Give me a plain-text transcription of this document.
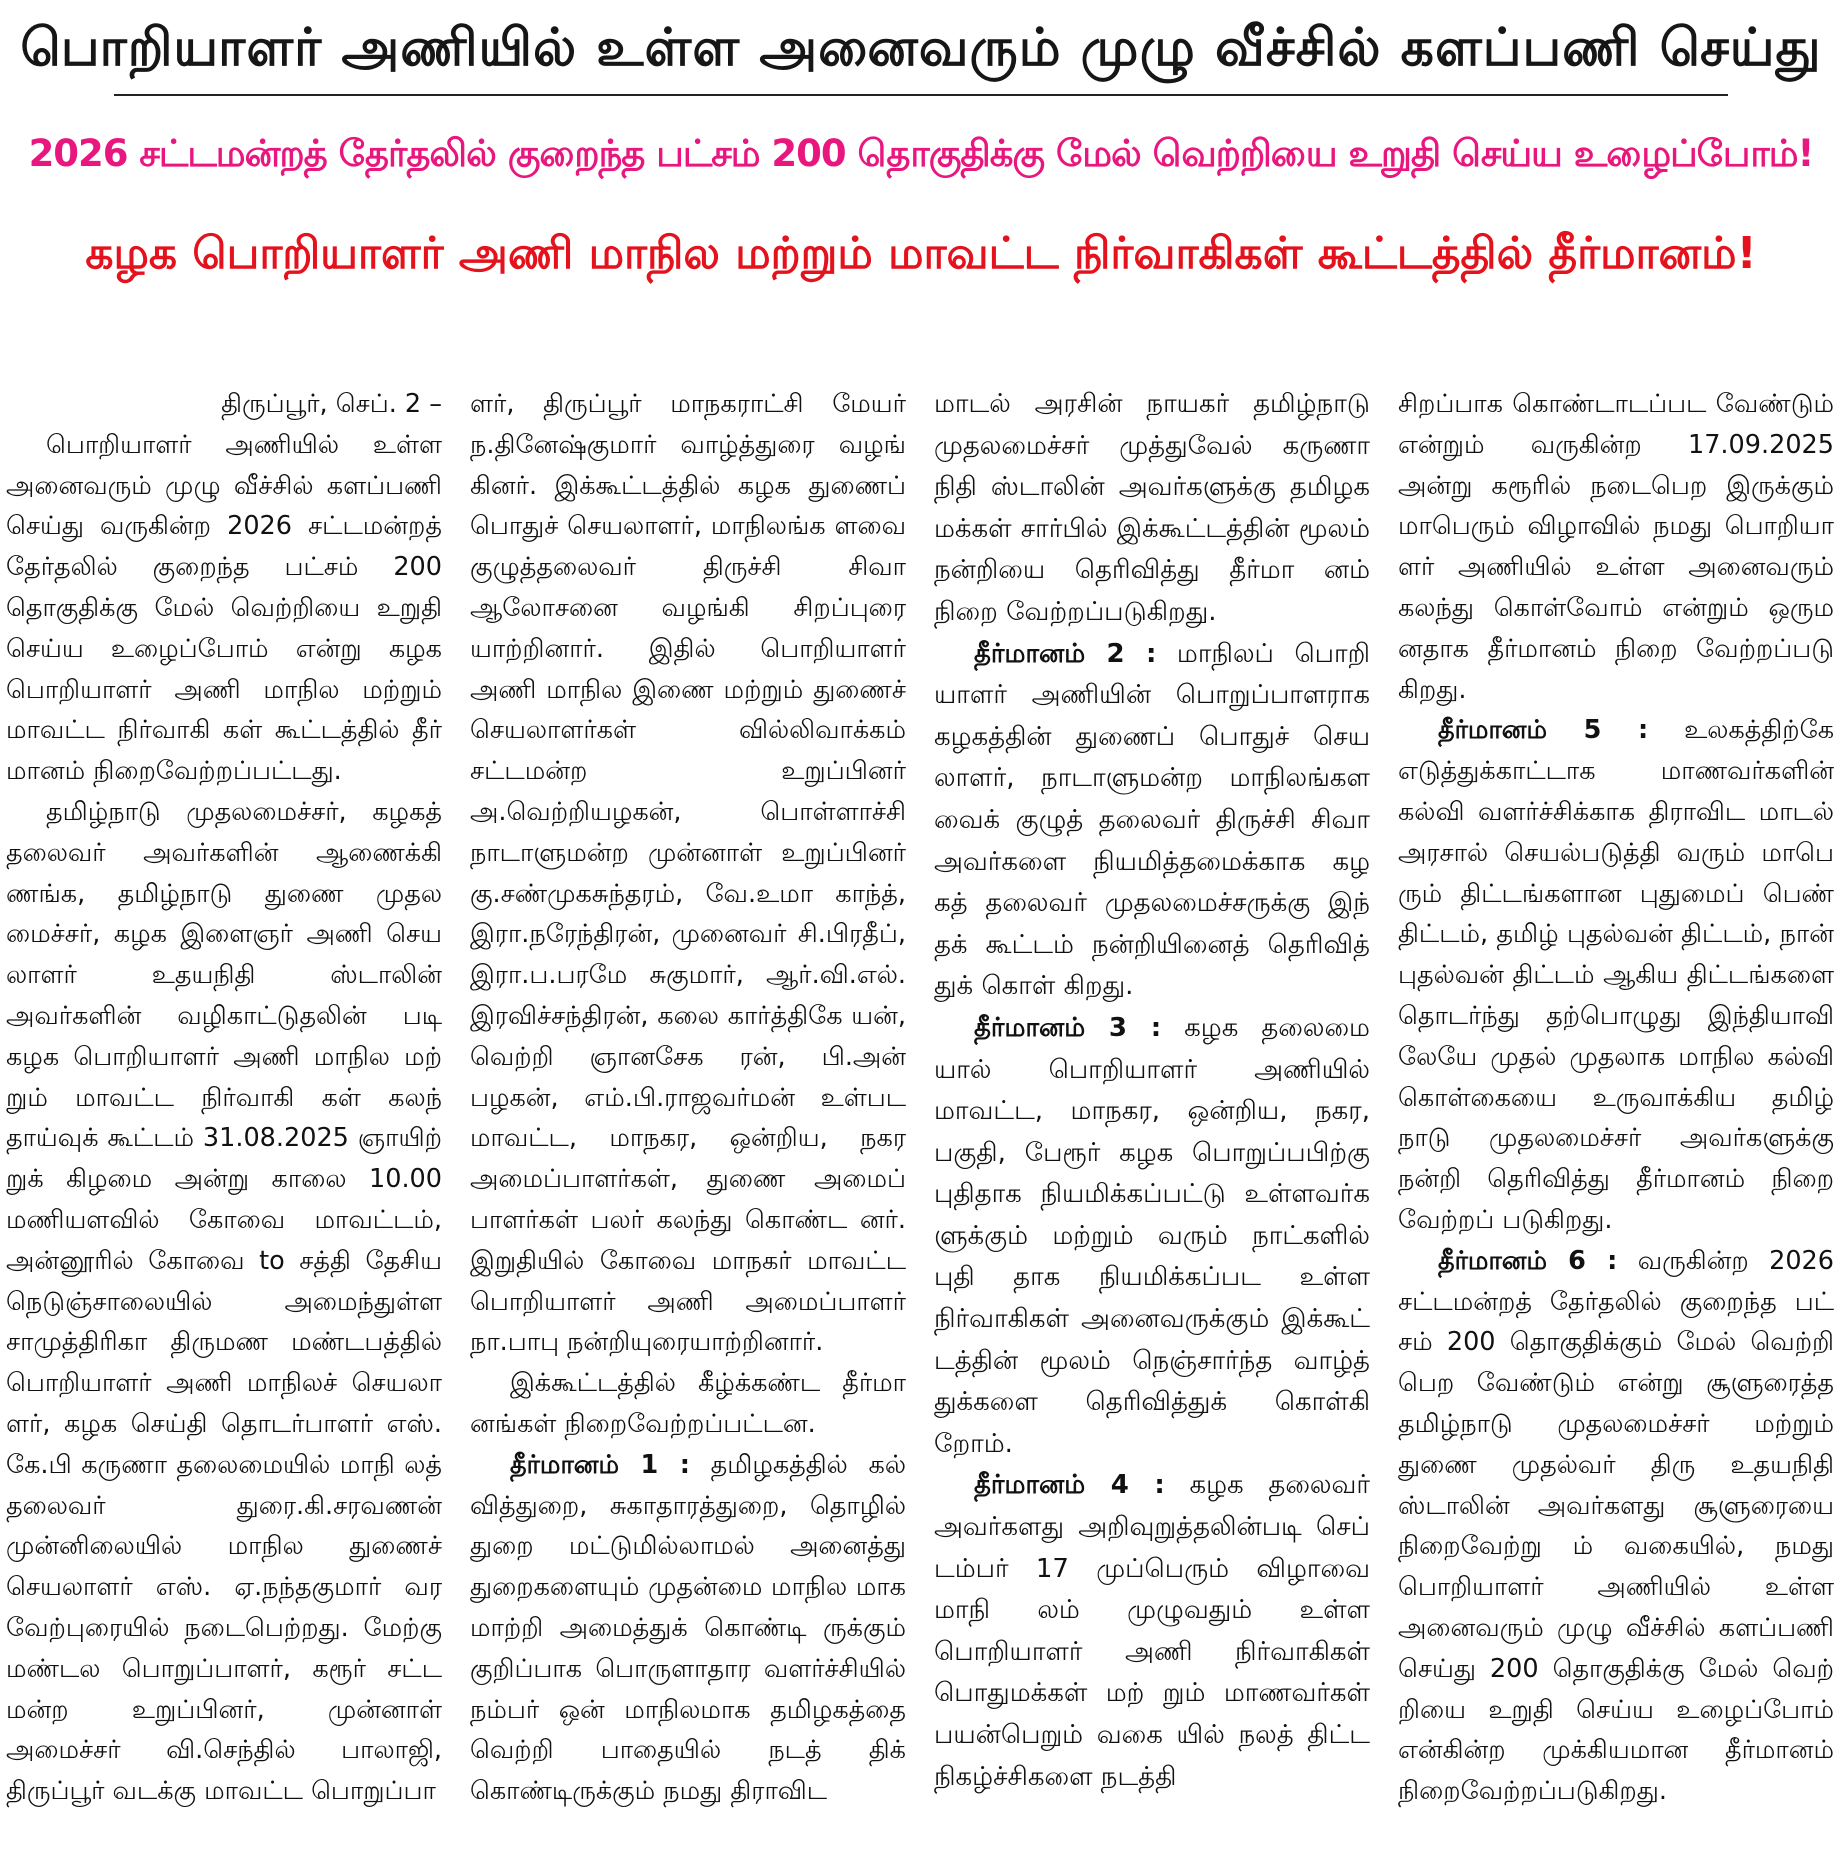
பொறியாளர் அணியில் உள்ள அனைவரும் முழு வீச்சில் களப்பணி செய்து
2026 சட்டமன்றத் தேர்தலில் குறைந்த பட்சம் 200 தொகுதிக்கு மேல் வெற்றியை உறுதி செய்ய உழைப்போம்!
கழக பொறியாளர் அணி மாநில மற்றும் மாவட்ட நிர்வாகிகள் கூட்டத்தில் தீர்மானம்!
திருப்பூர், செப். 2 –

பொறியாளர் அணியில் உள்ள அனைவரும் முழு வீச்சில் களப்பணி செய்து வருகின்ற 2026 சட்டமன்றத் தேர்தலில் குறைந்த பட்சம் 200 தொகுதிக்கு மேல் வெற்றியை உறுதி செய்ய உழைப்போம் என்று கழக பொறியாளர் அணி மாநில மற்றும் மாவட்ட நிர்வாகி கள் கூட்டத்தில் தீர் மானம் நிறைவேற்றப்பட்டது.

தமிழ்நாடு முதலமைச்சர், கழகத் தலைவர் அவர்களின் ஆணைக்கி ணங்க, தமிழ்நாடு துணை முதல மைச்சர், கழக இளைஞர் அணி செய லாளர் உதயநிதி ஸ்டாலின் அவர்களின் வழிகாட்டுதலின் படி கழக பொறியாளர் அணி மாநில மற் றும் மாவட்ட நிர்வாகி கள் கலந் தாய்வுக் கூட்டம் 31.08.2025 ஞாயிற் றுக் கிழமை அன்று காலை 10.00 மணியளவில் கோவை மாவட்டம், அன்னூரில் கோவை to சத்தி தேசிய நெடுஞ்சாலையில் அமைந்துள்ள சாமுத்திரிகா திருமண மண்டபத்தில் பொறியாளர் அணி மாநிலச் செயலா ளர், கழக செய்தி தொடர்பாளர் எஸ். கே.பி கருணா தலைமையில் மாநி லத் தலைவர் துரை.கி.சரவணன் முன்னிலையில் மாநில துணைச் செயலாளர் எஸ். ஏ.நந்தகுமார் வர வேற்புரையில் நடைபெற்றது. மேற்கு மண்டல பொறுப்பாளர், கரூர் சட்ட மன்ற உறுப்பினர், முன்னாள் அமைச்சர் வி.செந்தில் பாலாஜி, திருப்பூர் வடக்கு மாவட்ட பொறுப்பா

ளர், திருப்பூர் மாநகராட்சி மேயர் ந.தினேஷ்குமார் வாழ்த்துரை வழங் கினர். இக்கூட்டத்தில் கழக துணைப் பொதுச் செயலாளர், மாநிலங்க ளவை குழுத்தலைவர் திருச்சி சிவா ஆலோசனை வழங்கி சிறப்புரை யாற்றினார். இதில் பொறியாளர் அணி மாநில இணை மற்றும் துணைச் செயலாளர்கள் வில்லிவாக்கம் சட்டமன்ற உறுப்பினர் அ.வெற்றியழகன், பொள்ளாச்சி நாடாளுமன்ற முன்னாள் உறுப்பினர் கு.சண்முகசுந்தரம், வே.உமா காந்த், இரா.நரேந்திரன், முனைவர் சி.பிரதீப், இரா.ப.பரமே சுகுமார், ஆர்.வி.எல். இரவிச்சந்திரன், கலை கார்த்திகே யன், வெற்றி ஞானசேக ரன், பி.அன் பழகன், எம்.பி.ராஜவர்மன் உள்பட மாவட்ட, மாநகர, ஒன்றிய, நகர அமைப்பாளர்கள், துணை அமைப் பாளர்கள் பலர் கலந்து கொண்ட னர். இறுதியில் கோவை மாநகர் மாவட்ட பொறியாளர் அணி அமைப்பாளர் நா.பாபு நன்றியுரையாற்றினார்.

இக்கூட்டத்தில் கீழ்க்கண்ட தீர்மா னங்கள் நிறைவேற்றப்பட்டன.

தீர்மானம் 1 : தமிழகத்தில் கல் வித்துறை, சுகாதாரத்துறை, தொழில் துறை மட்டுமில்லாமல் அனைத்து துறைகளையும் முதன்மை மாநில மாக மாற்றி அமைத்துக் கொண்டி ருக்கும் குறிப்பாக பொருளாதார வளர்ச்சியில் நம்பர் ஒன் மாநிலமாக தமிழகத்தை வெற்றி பாதையில் நடத் திக் கொண்டிருக்கும் நமது திராவிட

மாடல் அரசின் நாயகர் தமிழ்நாடு முதலமைச்சர் முத்துவேல் கருணா நிதி ஸ்டாலின் அவர்களுக்கு தமிழக மக்கள் சார்பில் இக்கூட்டத்தின் மூலம் நன்றியை தெரிவித்து தீர்மா னம் நிறை வேற்றப்படுகிறது.

தீர்மானம் 2 : மாநிலப் பொறி யாளர் அணியின் பொறுப்பாளராக கழகத்தின் துணைப் பொதுச் செய லாளர், நாடாளுமன்ற மாநிலங்கள வைக் குழுத் தலைவர் திருச்சி சிவா அவர்களை நியமித்தமைக்காக கழ கத் தலைவர் முதலமைச்சருக்கு இந் தக் கூட்டம் நன்றியினைத் தெரிவித் துக் கொள் கிறது.

தீர்மானம் 3 : கழக தலைமை யால் பொறியாளர் அணியில் மாவட்ட, மாநகர, ஒன்றிய, நகர, பகுதி, பேரூர் கழக பொறுப்பபிற்கு புதிதாக நியமிக்கப்பட்டு உள்ளவர்க ளுக்கும் மற்றும் வரும் நாட்களில் புதி தாக நியமிக்கப்பட உள்ள நிர்வாகிகள் அனைவருக்கும் இக்கூட் டத்தின் மூலம் நெஞ்சார்ந்த வாழ்த் துக்களை தெரிவித்துக் கொள்கி றோம்.

தீர்மானம் 4 : கழக தலைவர் அவர்களது அறிவுறுத்தலின்படி செப் டம்பர் 17 முப்பெரும் விழாவை மாநி லம் முழுவதும் உள்ள பொறியாளர் அணி நிர்வாகிகள் பொதுமக்கள் மற் றும் மாணவர்கள் பயன்பெறும் வகை யில் நலத் திட்ட நிகழ்ச்சிகளை நடத்தி

சிறப்பாக கொண்டாடப்பட வேண்டும் என்றும் வருகின்ற 17.09.2025 அன்று கரூரில் நடைபெற இருக்கும் மாபெரும் விழாவில் நமது பொறியா ளர் அணியில் உள்ள அனைவரும் கலந்து கொள்வோம் என்றும் ஒரும னதாக தீர்மானம் நிறை வேற்றப்படு கிறது.

தீர்மானம் 5 : உலகத்திற்கே எடுத்துக்காட்டாக மாணவர்களின் கல்வி வளர்ச்சிக்காக திராவிட மாடல் அரசால் செயல்படுத்தி வரும் மாபெ ரும் திட்டங்களான புதுமைப் பெண் திட்டம், தமிழ் புதல்வன் திட்டம், நான் புதல்வன் திட்டம் ஆகிய திட்டங்களை தொடர்ந்து தற்பொழுது இந்தியாவி லேயே முதல் முதலாக மாநில கல்வி கொள்கையை உருவாக்கிய தமிழ் நாடு முதலமைச்சர் அவர்களுக்கு நன்றி தெரிவித்து தீர்மானம் நிறை வேற்றப் படுகிறது.

தீர்மானம் 6 : வருகின்ற 2026 சட்டமன்றத் தேர்தலில் குறைந்த பட் சம் 200 தொகுதிக்கும் மேல் வெற்றி பெற வேண்டும் என்று சூளுரைத்த தமிழ்நாடு முதலமைச்சர் மற்றும் துணை முதல்வர் திரு உதயநிதி ஸ்டாலின் அவர்களது சூளுரையை நிறைவேற்று ம் வகையில், நமது பொறியாளர் அணியில் உள்ள அனைவரும் முழு வீச்சில் களப்பணி செய்து 200 தொகுதிக்கு மேல் வெற் றியை உறுதி செய்ய உழைப்போம் என்கின்ற முக்கியமான தீர்மானம் நிறைவேற்றப்படுகிறது.
